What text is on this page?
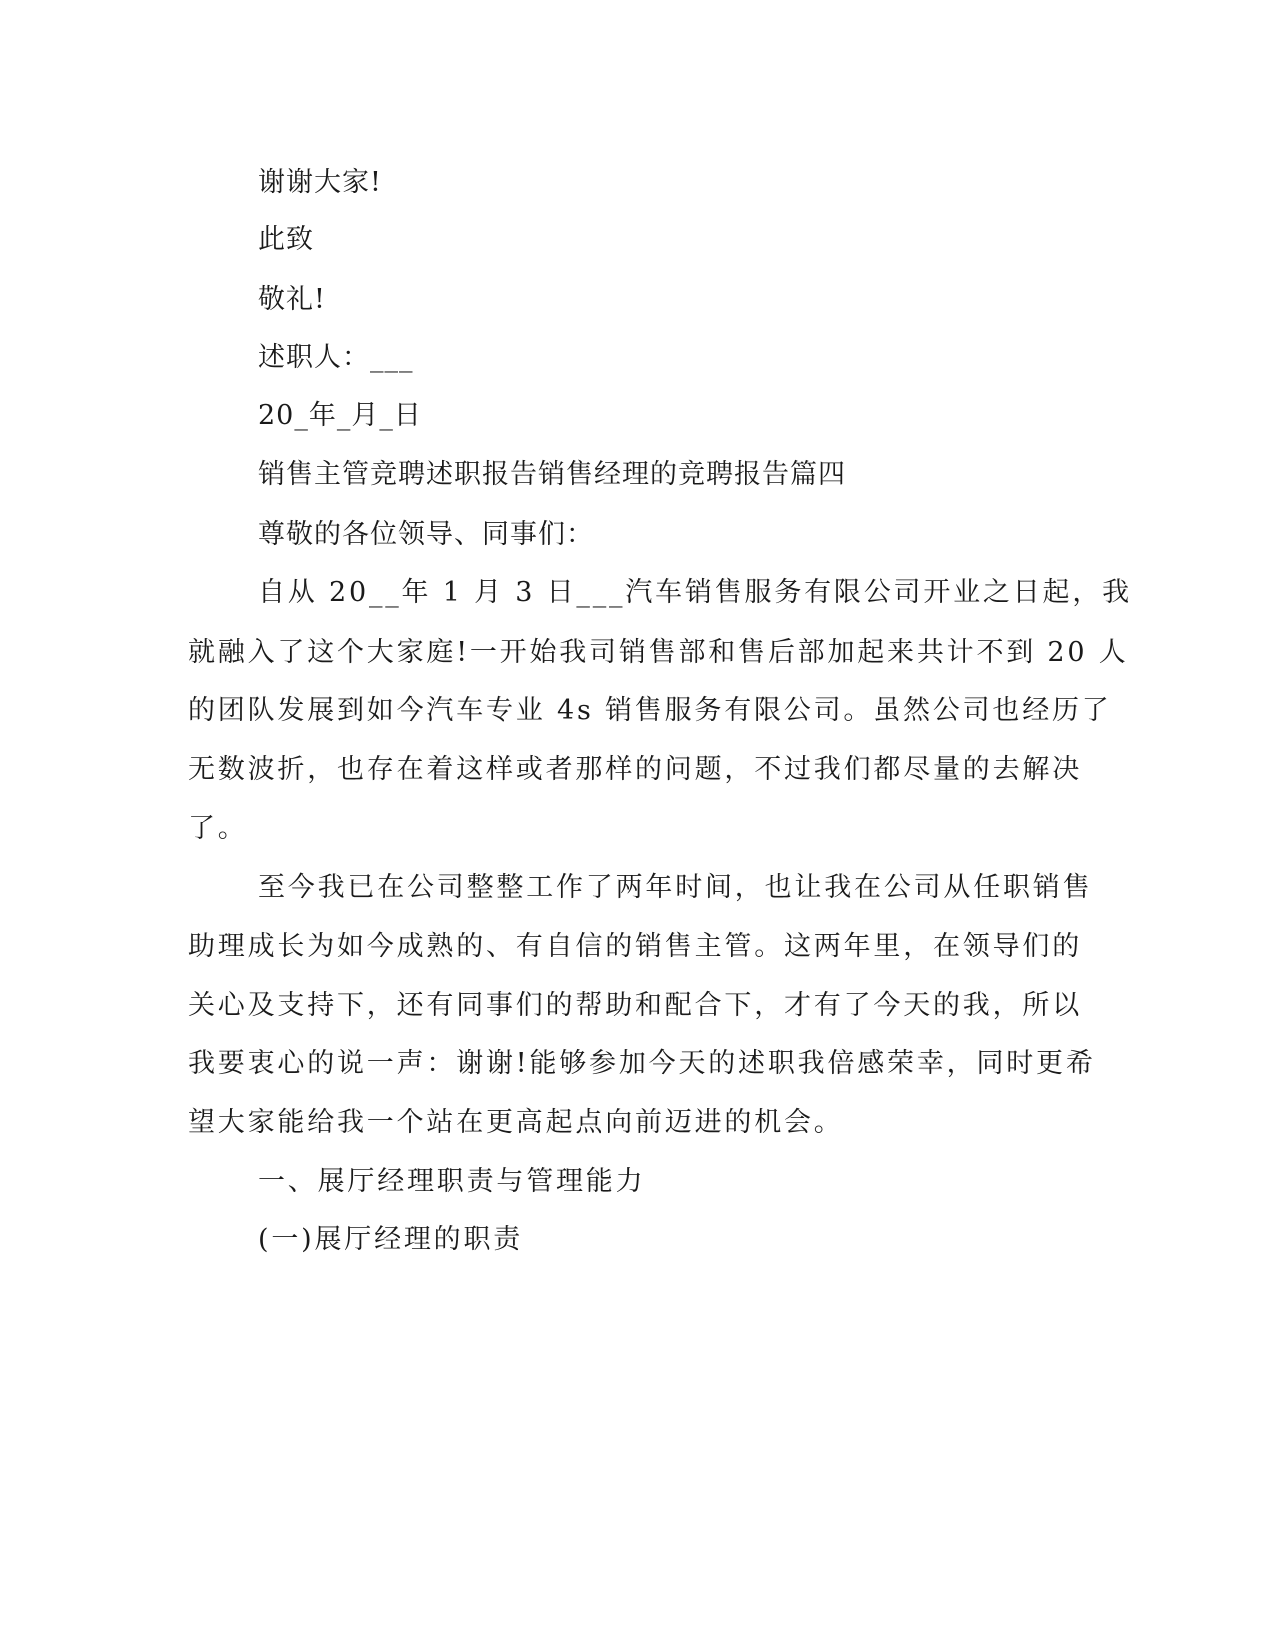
谢谢大家!
此致
敬礼!
述职人：___
20_年_月_日
销售主管竞聘述职报告销售经理的竞聘报告篇四
尊敬的各位领导、同事们：
自从 20__年 1 月 3 日___汽车销售服务有限公司开业之日起，我
就融入了这个大家庭!一开始我司销售部和售后部加起来共计不到 20 人
的团队发展到如今汽车专业 4s 销售服务有限公司。虽然公司也经历了
无数波折，也存在着这样或者那样的问题，不过我们都尽量的去解决
了。
至今我已在公司整整工作了两年时间，也让我在公司从任职销售
助理成长为如今成熟的、有自信的销售主管。这两年里，在领导们的
关心及支持下，还有同事们的帮助和配合下，才有了今天的我，所以
我要衷心的说一声：谢谢!能够参加今天的述职我倍感荣幸，同时更希
望大家能给我一个站在更高起点向前迈进的机会。
一、展厅经理职责与管理能力
(一)展厅经理的职责
